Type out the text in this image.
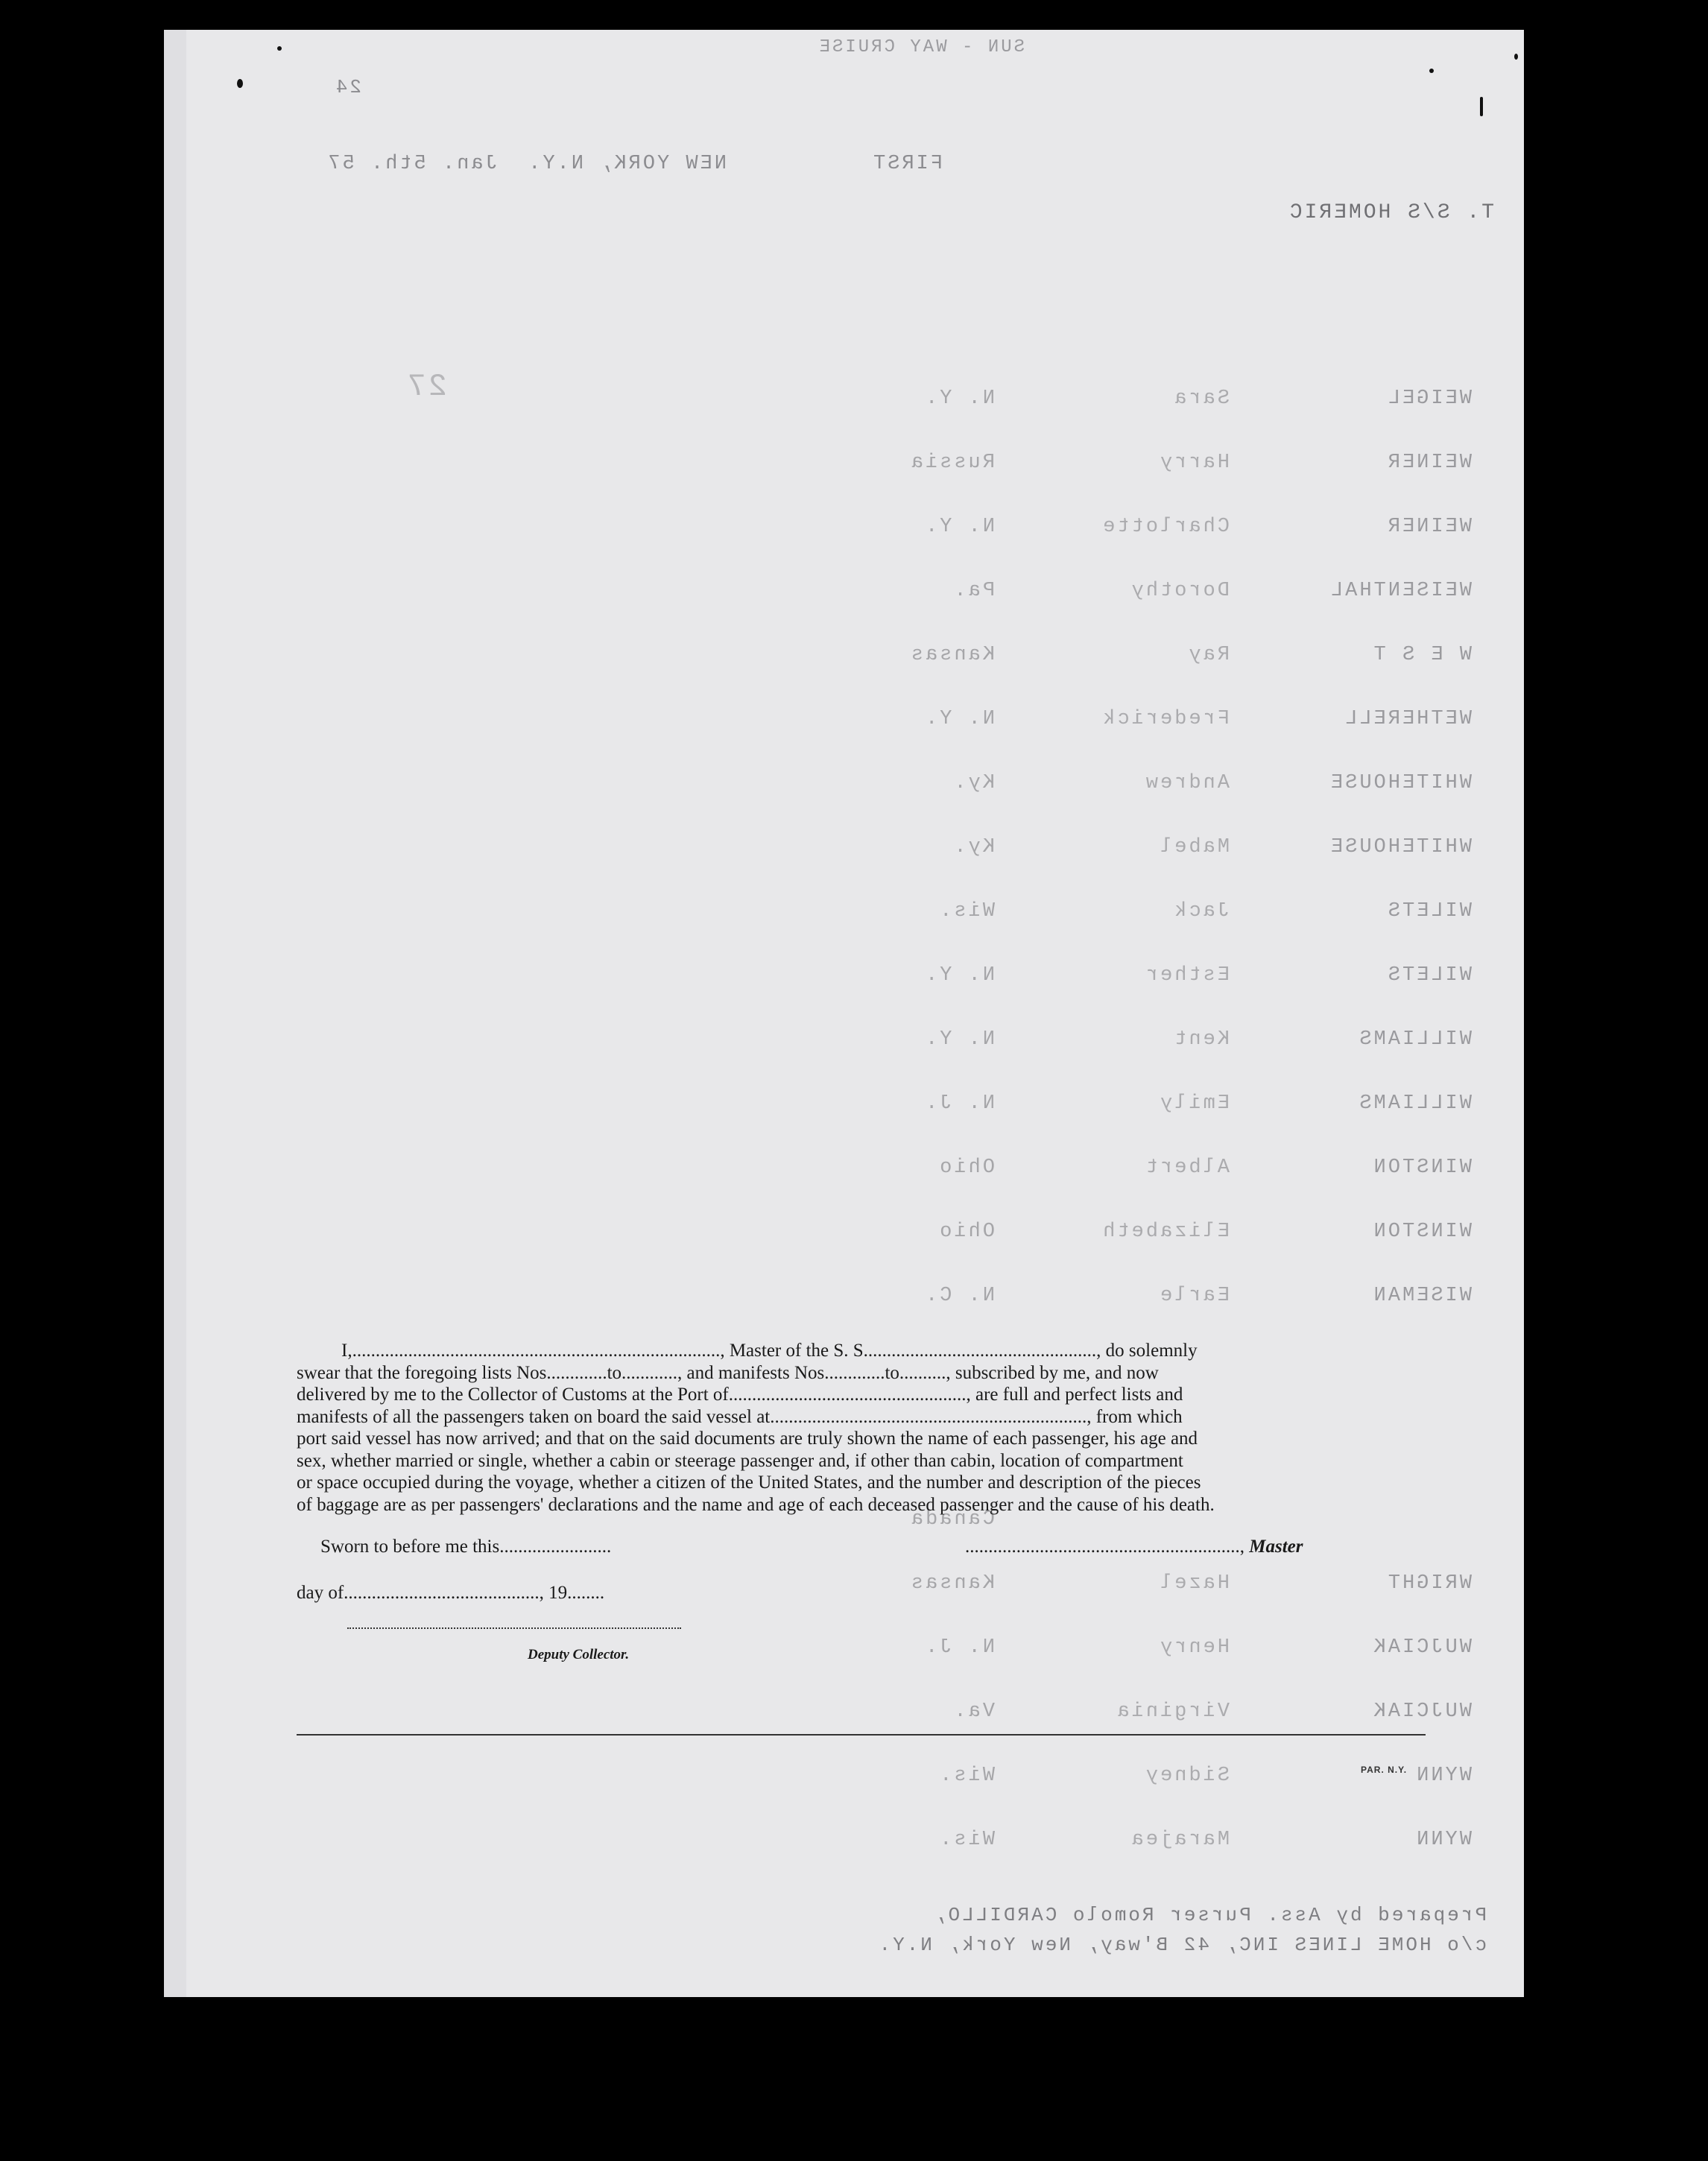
SUN - WAY CRUISE
24
FIRST
NEW YORK, N.Y.  Jan. 5th. 57
T. S/S HOMERIC
27	WEIGEL
Sara
N. Y.
WEINER
Harry
Russia
WEINER
Charlotte
N. Y.
WEISENTHAL
Dorothy
Pa.
W E S T
Ray
Kansas
WETHERELL
Frederick
N. Y.
WHITEHOUSE
Andrew
Ky.
WHITEHOUSE
Mabel
Ky.
WILETS
Jack
Wis.
WILETS
Esther
N. Y.
WILLIAMS
Kent
N. Y.
WILLIAMS
Emily
N. J.
WINSTON
Albert
Ohio
WINSTON
Elizabeth
Ohio
WISEMAN
Earle
N. C.
WRIGHT
Hazel
Kansas
WUJCIAK
Henry
N. J.
WUJCIAK
Virginia
Va.
WYNN
Sidney
Wis.
WYNN
Marajea
Wis.
Canada
Prepared by Ass. Purser Romolo CARDILLO,
c/o HOME LINES INC, 42 B'way, New York, N.Y.
I,..............................................................................., Master of the S. S.................................................., do solemnly
swear that the foregoing lists Nos.............to............, and manifests Nos.............to.........., subscribed by me, and now
delivered by me to the Collector of Customs at the Port of..................................................., are full and perfect lists and
manifests of all the passengers taken on board the said vessel at...................................................................., from which
port said vessel has now arrived; and that on the said documents are truly shown the name of each passenger, his age and
sex, whether married or single, whether a cabin or steerage passenger and, if other than cabin, location of compartment
or space occupied during the voyage, whether a citizen of the United States, and the number and description of the pieces
of baggage are as per passengers' declarations and the name and age of each deceased passenger and the cause of his death.
Sworn to before me this........................	..........................................................., Master
day of.........................................., 19........
Deputy Collector.
PAR. N.Y.
